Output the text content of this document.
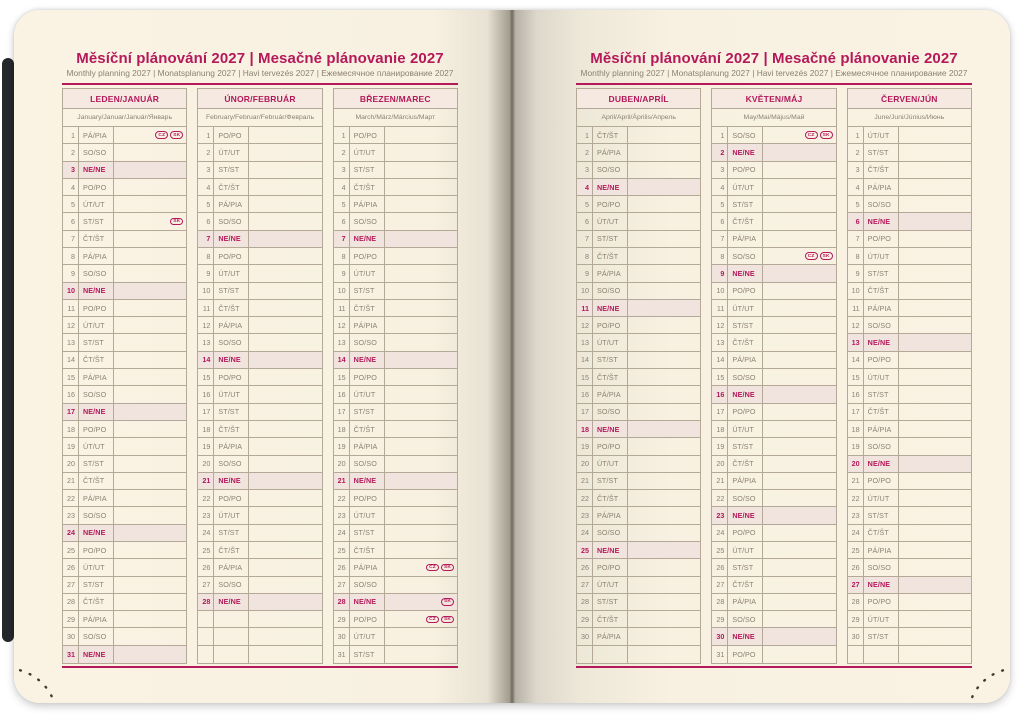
Měsíční plánování 2027 | Mesačné plánovanie 2027
Monthly planning 2027 | Monatsplanung 2027 | Havi tervezés 2027 | Ежемесячное планирование 2027
LEDEN/JANUÁR
January/Januar/Január/Январь
1	PÁ/PIA	CZ	SK
2	SO/SO
3	NE/NE
4	PO/PO
5	ÚT/UT
6	ST/ST	SK
7	ČT/ŠT
8	PÁ/PIA
9	SO/SO
10	NE/NE
11	PO/PO
12	ÚT/UT
13	ST/ST
14	ČT/ŠT
15	PÁ/PIA
16	SO/SO
17	NE/NE
18	PO/PO
19	ÚT/UT
20	ST/ST
21	ČT/ŠT
22	PÁ/PIA
23	SO/SO
24	NE/NE
25	PO/PO
26	ÚT/UT
27	ST/ST
28	ČT/ŠT
29	PÁ/PIA
30	SO/SO
31	NE/NE
ÚNOR/FEBRUÁR
February/Februar/Február/Февраль
1	PO/PO
2	ÚT/UT
3	ST/ST
4	ČT/ŠT
5	PÁ/PIA
6	SO/SO
7	NE/NE
8	PO/PO
9	ÚT/UT
10	ST/ST
11	ČT/ŠT
12	PÁ/PIA
13	SO/SO
14	NE/NE
15	PO/PO
16	ÚT/UT
17	ST/ST
18	ČT/ŠT
19	PÁ/PIA
20	SO/SO
21	NE/NE
22	PO/PO
23	ÚT/UT
24	ST/ST
25	ČT/ŠT
26	PÁ/PIA
27	SO/SO
28	NE/NE
BŘEZEN/MAREC
March/März/Március/Март
1	PO/PO
2	ÚT/UT
3	ST/ST
4	ČT/ŠT
5	PÁ/PIA
6	SO/SO
7	NE/NE
8	PO/PO
9	ÚT/UT
10	ST/ST
11	ČT/ŠT
12	PÁ/PIA
13	SO/SO
14	NE/NE
15	PO/PO
16	ÚT/UT
17	ST/ST
18	ČT/ŠT
19	PÁ/PIA
20	SO/SO
21	NE/NE
22	PO/PO
23	ÚT/UT
24	ST/ST
25	ČT/ŠT
26	PÁ/PIA	CZ	SK
27	SO/SO
28	NE/NE	SK
29	PO/PO	CZ	SK
30	ÚT/UT
31	ST/ST
Měsíční plánování 2027 | Mesačné plánovanie 2027
Monthly planning 2027 | Monatsplanung 2027 | Havi tervezés 2027 | Ежемесячное планирование 2027
DUBEN/APRÍL
April/April/Április/Апрель
1	ČT/ŠT
2	PÁ/PIA
3	SO/SO
4	NE/NE
5	PO/PO
6	ÚT/UT
7	ST/ST
8	ČT/ŠT
9	PÁ/PIA
10	SO/SO
11	NE/NE
12	PO/PO
13	ÚT/UT
14	ST/ST
15	ČT/ŠT
16	PÁ/PIA
17	SO/SO
18	NE/NE
19	PO/PO
20	ÚT/UT
21	ST/ST
22	ČT/ŠT
23	PÁ/PIA
24	SO/SO
25	NE/NE
26	PO/PO
27	ÚT/UT
28	ST/ST
29	ČT/ŠT
30	PÁ/PIA
KVĚTEN/MÁJ
May/Mai/Május/Май
1	SO/SO	CZ	SK
2	NE/NE
3	PO/PO
4	ÚT/UT
5	ST/ST
6	ČT/ŠT
7	PÁ/PIA
8	SO/SO	CZ	SK
9	NE/NE
10	PO/PO
11	ÚT/UT
12	ST/ST
13	ČT/ŠT
14	PÁ/PIA
15	SO/SO
16	NE/NE
17	PO/PO
18	ÚT/UT
19	ST/ST
20	ČT/ŠT
21	PÁ/PIA
22	SO/SO
23	NE/NE
24	PO/PO
25	ÚT/UT
26	ST/ST
27	ČT/ŠT
28	PÁ/PIA
29	SO/SO
30	NE/NE
31	PO/PO
ČERVEN/JÚN
June/Juni/Június/Июнь
1	ÚT/UT
2	ST/ST
3	ČT/ŠT
4	PÁ/PIA
5	SO/SO
6	NE/NE
7	PO/PO
8	ÚT/UT
9	ST/ST
10	ČT/ŠT
11	PÁ/PIA
12	SO/SO
13	NE/NE
14	PO/PO
15	ÚT/UT
16	ST/ST
17	ČT/ŠT
18	PÁ/PIA
19	SO/SO
20	NE/NE
21	PO/PO
22	ÚT/UT
23	ST/ST
24	ČT/ŠT
25	PÁ/PIA
26	SO/SO
27	NE/NE
28	PO/PO
29	ÚT/UT
30	ST/ST
